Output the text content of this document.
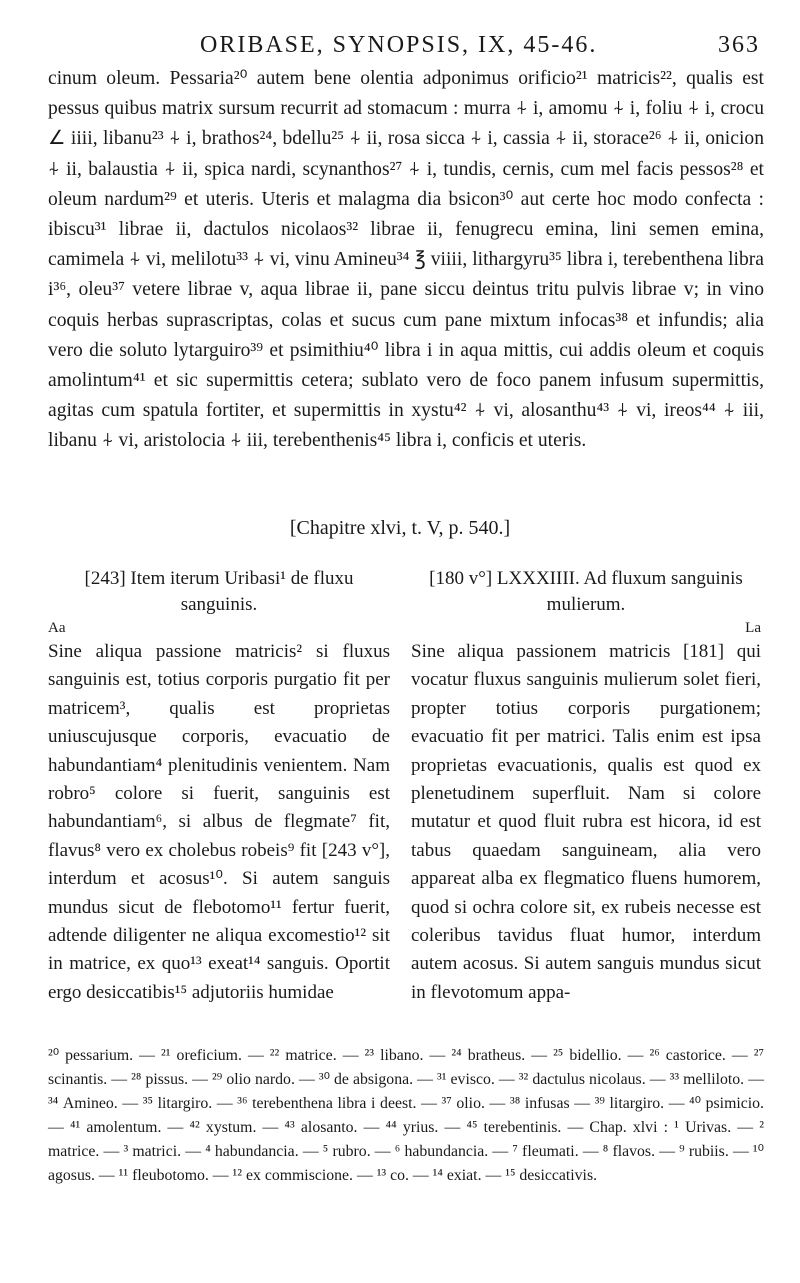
ORIBASE, SYNOPSIS, IX, 45-46.	363
cinum oleum. Pessaria²⁰ autem bene olentia adponimus orificio²¹ matricis²², qualis est pessus quibus matrix sursum recurrit ad stomacum : murra ⍭ i, amomu ⍭ i, foliu ⍭ i, crocu ∠ iiii, libanu²³ ⍭ i, brathos²⁴, bdellu²⁵ ⍭ ii, rosa sicca ⍭ i, cassia ⍭ ii, storace²⁶ ⍭ ii, onicion ⍭ ii, balaustia ⍭ ii, spica nardi, scynanthos²⁷ ⍭ i, tundis, cernis, cum mel facis pessos²⁸ et oleum nardum²⁹ et uteris. Uteris et malagma dia bsicon³⁰ aut certe hoc modo confecta : ibiscu³¹ librae ii, dactulos nicolaos³² librae ii, fenugrecu emina, lini semen emina, camimela ⍭ vi, melilotu³³ ⍭ vi, vinu Amineu³⁴ ℥ viiii, lithargyru³⁵ libra i, terebenthena libra i³⁶, oleu³⁷ vetere librae v, aqua librae ii, pane siccu deintus tritu pulvis librae v; in vino coquis herbas suprascriptas, colas et sucus cum pane mixtum infocas³⁸ et infundis; alia vero die soluto lytarguiro³⁹ et psimithiu⁴⁰ libra i in aqua mittis, cui addis oleum et coquis amolintum⁴¹ et sic supermittis cetera; sublato vero de foco panem infusum supermittis, agitas cum spatula fortiter, et supermittis in xystu⁴² ⍭ vi, alosanthu⁴³ ⍭ vi, ireos⁴⁴ ⍭ iii, libanu ⍭ vi, aristolocia ⍭ iii, terebenthenis⁴⁵ libra i, conficis et uteris.
[Chapitre xlvi, t. V, p. 540.]
[243] Item iterum Uribasi¹ de fluxu sanguinis.
Aa
Sine aliqua passione matricis² si fluxus sanguinis est, totius corporis purgatio fit per matricem³, qualis est proprietas uniuscujusque corporis, evacuatio de habundantiam⁴ plenitudinis venientem. Nam robro⁵ colore si fuerit, sanguinis est habundantiam⁶, si albus de flegmate⁷ fit, flavus⁸ vero ex cholebus robeis⁹ fit [243 v°], interdum et acosus¹⁰. Si autem sanguis mundus sicut de flebotomo¹¹ fertur fuerit, adtende diligenter ne aliqua excomestio¹² sit in matrice, ex quo¹³ exeat¹⁴ sanguis. Oportit ergo desiccatibis¹⁵ adjutoriis humidae
[180 v°] LXXXIIII. Ad fluxum sanguinis mulierum.
La
Sine aliqua passionem matricis [181] qui vocatur fluxus sanguinis mulierum solet fieri, propter totius corporis purgationem; evacuatio fit per matrici. Talis enim est ipsa proprietas evacuationis, qualis est quod ex plenetudinem superfluit. Nam si colore mutatur et quod fluit rubra est hicora, id est tabus quaedam sanguineam, alia vero appareat alba ex flegmatico fluens humorem, quod si ochra colore sit, ex rubeis necesse est coleribus tavidus fluat humor, interdum autem acosus. Si autem sanguis mundus sicut in flevotomum appa-
²⁰ pessarium. — ²¹ oreficium. — ²² matrice. — ²³ libano. — ²⁴ bratheus. — ²⁵ bidellio. — ²⁶ castorice. — ²⁷ scinantis. — ²⁸ pissus. — ²⁹ olio nardo. — ³⁰ de absigona. — ³¹ evisco. — ³² dactulus nicolaus. — ³³ mellilotо. — ³⁴ Amineo. — ³⁵ litargiro. — ³⁶ terebenthena libra i deest. — ³⁷ olio. — ³⁸ infusas — ³⁹ litargiro. — ⁴⁰ psimicio. — ⁴¹ amolentum. — ⁴² xystum. — ⁴³ alosanto. — ⁴⁴ yrius. — ⁴⁵ terebentinis. — Chap. xlvi : ¹ Urivas. — ² matrice. — ³ matrici. — ⁴ habundancia. — ⁵ rubro. — ⁶ habundancia. — ⁷ fleumati. — ⁸ flavos. — ⁹ rubiis. — ¹⁰ agosus. — ¹¹ fleubotomo. — ¹² ex commiscione. — ¹³ co. — ¹⁴ exiat. — ¹⁵ desiccativis.
